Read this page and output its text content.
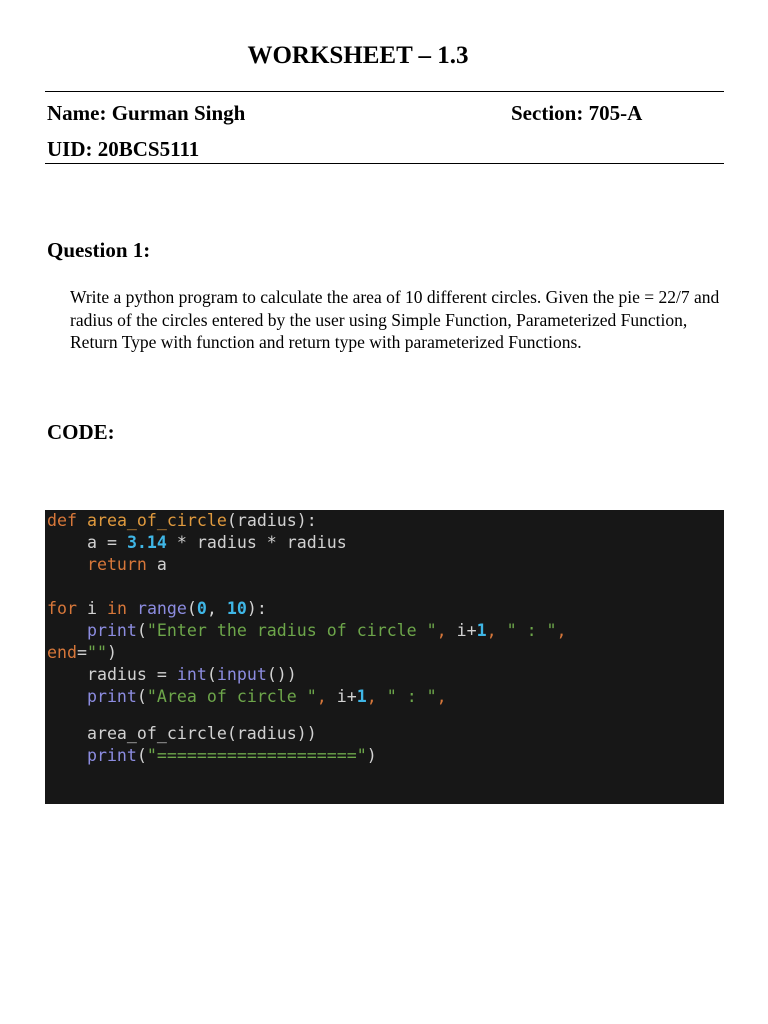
WORKSHEET – 1.3
Name: Gurman Singh	Section: 705-A
UID: 20BCS5111
Question 1:
Write a python program to calculate the area of 10 different circles. Given the pie = 22/7 and radius of the circles entered by the user using Simple Function, Parameterized Function, Return Type with function and return type with parameterized Functions.
CODE:
def area_of_circle(radius):
a = 3.14 * radius * radius
return a
for i in range(0, 10):
print("Enter the radius of circle ", i+1, " : ",
end="")
radius = int(input())
print("Area of circle ", i+1, " : ",
area_of_circle(radius))
print("====================")
